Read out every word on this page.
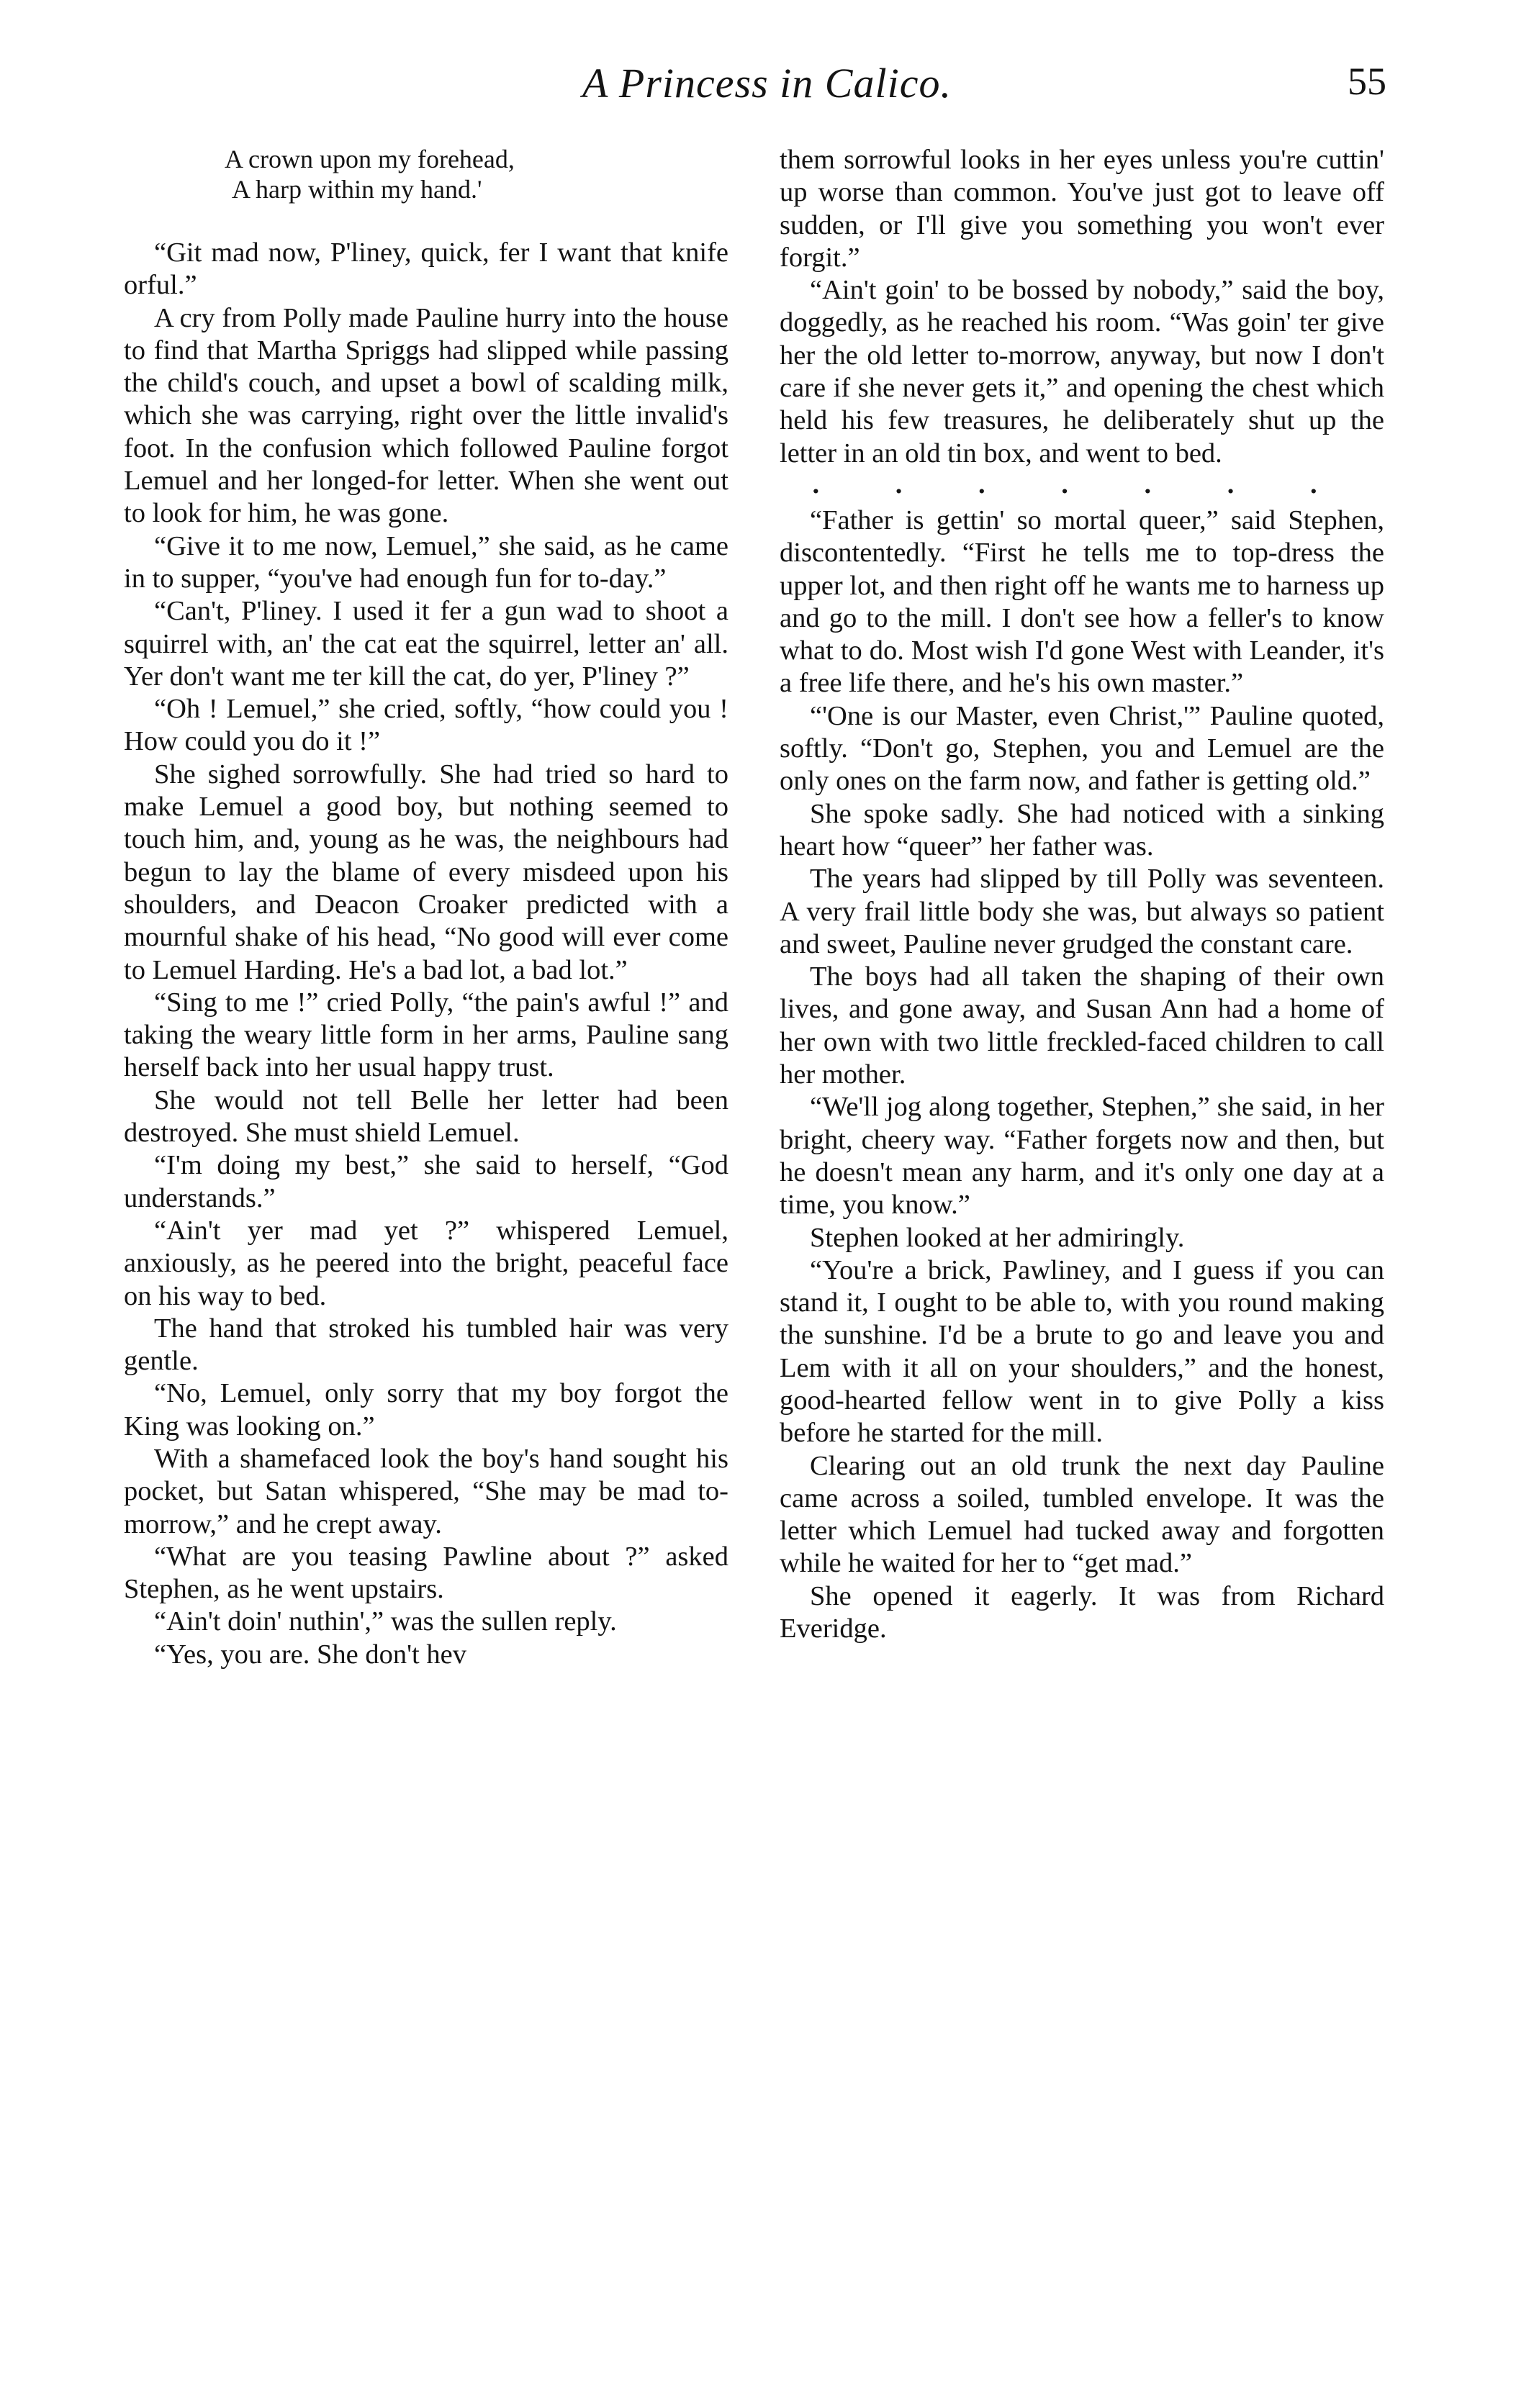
A Princess in Calico.	55
A crown upon my forehead,
A harp within my hand.'

“Git mad now, P'liney, quick, fer I want that knife orful.”

A cry from Polly made Pauline hurry into the house to find that Martha Spriggs had slipped while passing the child's couch, and upset a bowl of scalding milk, which she was carrying, right over the little invalid's foot. In the confusion which followed Pauline forgot Lemuel and her longed-for letter. When she went out to look for him, he was gone.

“Give it to me now, Lemuel,” she said, as he came in to supper, “you've had enough fun for to-day.”

“Can't, P'liney. I used it fer a gun wad to shoot a squirrel with, an' the cat eat the squirrel, letter an' all. Yer don't want me ter kill the cat, do yer, P'liney ?”

“Oh ! Lemuel,” she cried, softly, “how could you ! How could you do it !”

She sighed sorrowfully. She had tried so hard to make Lemuel a good boy, but nothing seemed to touch him, and, young as he was, the neighbours had begun to lay the blame of every misdeed upon his shoulders, and Deacon Croaker predicted with a mournful shake of his head, “No good will ever come to Lemuel Harding. He's a bad lot, a bad lot.”

“Sing to me !” cried Polly, “the pain's awful !” and taking the weary little form in her arms, Pauline sang herself back into her usual happy trust.

She would not tell Belle her letter had been destroyed. She must shield Lemuel.

“I'm doing my best,” she said to herself, “God understands.”

“Ain't yer mad yet ?” whispered Lemuel, anxiously, as he peered into the bright, peaceful face on his way to bed.

The hand that stroked his tumbled hair was very gentle.

“No, Lemuel, only sorry that my boy forgot the King was looking on.”

With a shamefaced look the boy's hand sought his pocket, but Satan whispered, “She may be mad to-morrow,” and he crept away.

“What are you teasing Pawline about ?” asked Stephen, as he went upstairs.

“Ain't doin' nuthin',” was the sullen reply.

“Yes, you are. She don't hev

them sorrowful looks in her eyes unless you're cuttin' up worse than common. You've just got to leave off sudden, or I'll give you something you won't ever forgit.”

“Ain't goin' to be bossed by nobody,” said the boy, doggedly, as he reached his room. “Was goin' ter give her the old letter to-morrow, anyway, but now I don't care if she never gets it,” and opening the chest which held his few treasures, he deliberately shut up the letter in an old tin box, and went to bed.

. . . . . . .

“Father is gettin' so mortal queer,” said Stephen, discontentedly. “First he tells me to top-dress the upper lot, and then right off he wants me to harness up and go to the mill. I don't see how a feller's to know what to do. Most wish I'd gone West with Leander, it's a free life there, and he's his own master.”

“'One is our Master, even Christ,'” Pauline quoted, softly. “Don't go, Stephen, you and Lemuel are the only ones on the farm now, and father is getting old.”

She spoke sadly. She had noticed with a sinking heart how “queer” her father was.

The years had slipped by till Polly was seventeen. A very frail little body she was, but always so patient and sweet, Pauline never grudged the constant care.

The boys had all taken the shaping of their own lives, and gone away, and Susan Ann had a home of her own with two little freckled-faced children to call her mother.

“We'll jog along together, Stephen,” she said, in her bright, cheery way. “Father forgets now and then, but he doesn't mean any harm, and it's only one day at a time, you know.”

Stephen looked at her admiringly.

“You're a brick, Pawliney, and I guess if you can stand it, I ought to be able to, with you round making the sunshine. I'd be a brute to go and leave you and Lem with it all on your shoulders,” and the honest, good-hearted fellow went in to give Polly a kiss before he started for the mill.

Clearing out an old trunk the next day Pauline came across a soiled, tumbled envelope. It was the letter which Lemuel had tucked away and forgotten while he waited for her to “get mad.”

She opened it eagerly. It was from Richard Everidge.
